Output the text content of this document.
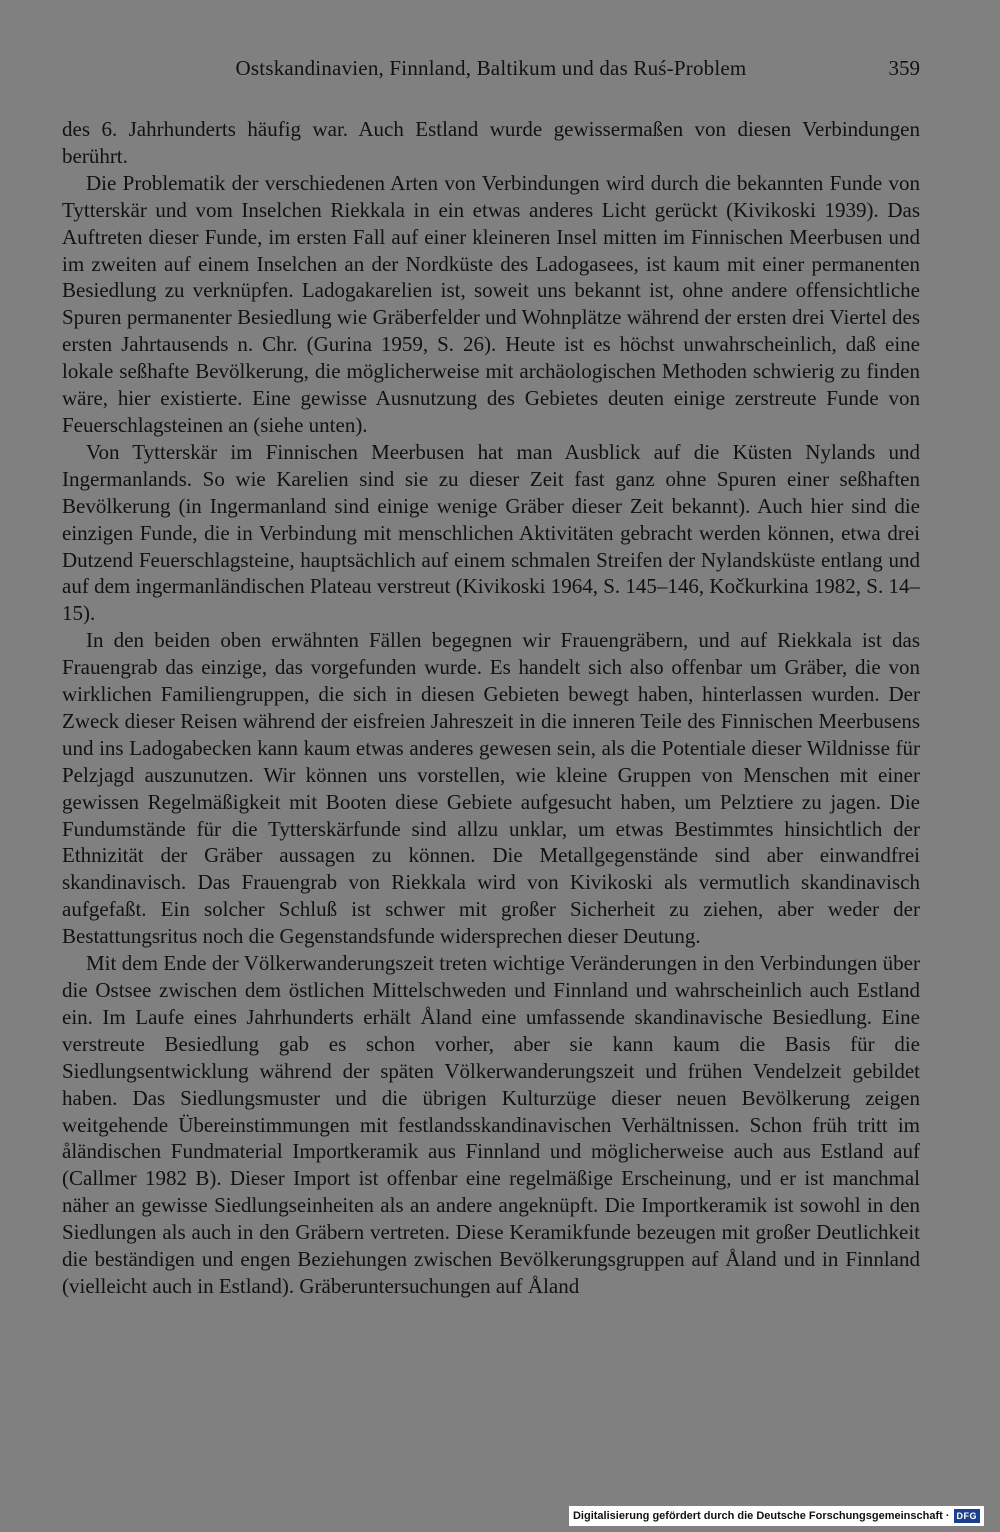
Ostskandinavien, Finnland, Baltikum und das Ruś-Problem	359

des 6. Jahrhunderts häufig war. Auch Estland wurde gewissermaßen von diesen Verbindungen berührt.

Die Problematik der verschiedenen Arten von Verbindungen wird durch die bekannten Funde von Tytterskär und vom Inselchen Riekkala in ein etwas anderes Licht gerückt (Kivikoski 1939). Das Auftreten dieser Funde, im ersten Fall auf einer kleineren Insel mitten im Finnischen Meerbusen und im zweiten auf einem Inselchen an der Nordküste des Ladogasees, ist kaum mit einer permanenten Besiedlung zu verknüpfen. Ladogakarelien ist, soweit uns bekannt ist, ohne andere offensichtliche Spuren permanenter Besiedlung wie Gräberfelder und Wohnplätze während der ersten drei Viertel des ersten Jahrtausends n. Chr. (Gurina 1959, S. 26). Heute ist es höchst unwahrscheinlich, daß eine lokale seßhafte Bevölkerung, die möglicherweise mit archäologischen Methoden schwierig zu finden wäre, hier existierte. Eine gewisse Ausnutzung des Gebietes deuten einige zerstreute Funde von Feuerschlagsteinen an (siehe unten).

Von Tytterskär im Finnischen Meerbusen hat man Ausblick auf die Küsten Nylands und Ingermanlands. So wie Karelien sind sie zu dieser Zeit fast ganz ohne Spuren einer seßhaften Bevölkerung (in Ingermanland sind einige wenige Gräber dieser Zeit bekannt). Auch hier sind die einzigen Funde, die in Verbindung mit menschlichen Aktivitäten gebracht werden können, etwa drei Dutzend Feuerschlagsteine, hauptsächlich auf einem schmalen Streifen der Nylandsküste entlang und auf dem ingermanländischen Plateau verstreut (Kivikoski 1964, S. 145–146, Kočkurkina 1982, S. 14–15).

In den beiden oben erwähnten Fällen begegnen wir Frauengräbern, und auf Riekkala ist das Frauengrab das einzige, das vorgefunden wurde. Es handelt sich also offenbar um Gräber, die von wirklichen Familiengruppen, die sich in diesen Gebieten bewegt haben, hinterlassen wurden. Der Zweck dieser Reisen während der eisfreien Jahreszeit in die inneren Teile des Finnischen Meerbusens und ins Ladogabecken kann kaum etwas anderes gewesen sein, als die Potentiale dieser Wildnisse für Pelzjagd auszunutzen. Wir können uns vorstellen, wie kleine Gruppen von Menschen mit einer gewissen Regelmäßigkeit mit Booten diese Gebiete aufgesucht haben, um Pelztiere zu jagen. Die Fundumstände für die Tytterskärfunde sind allzu unklar, um etwas Bestimmtes hinsichtlich der Ethnizität der Gräber aussagen zu können. Die Metallgegenstände sind aber einwandfrei skandinavisch. Das Frauengrab von Riekkala wird von Kivikoski als vermutlich skandinavisch aufgefaßt. Ein solcher Schluß ist schwer mit großer Sicherheit zu ziehen, aber weder der Bestattungsritus noch die Gegenstandsfunde widersprechen dieser Deutung.

Mit dem Ende der Völkerwanderungszeit treten wichtige Veränderungen in den Verbindungen über die Ostsee zwischen dem östlichen Mittelschweden und Finnland und wahrscheinlich auch Estland ein. Im Laufe eines Jahrhunderts erhält Åland eine umfassende skandinavische Besiedlung. Eine verstreute Besiedlung gab es schon vorher, aber sie kann kaum die Basis für die Siedlungsentwicklung während der späten Völkerwanderungszeit und frühen Vendelzeit gebildet haben. Das Siedlungsmuster und die übrigen Kulturzüge dieser neuen Bevölkerung zeigen weitgehende Übereinstimmungen mit festlandsskandinavischen Verhältnissen. Schon früh tritt im åländischen Fundmaterial Importkeramik aus Finnland und möglicherweise auch aus Estland auf (Callmer 1982 B). Dieser Import ist offenbar eine regelmäßige Erscheinung, und er ist manchmal näher an gewisse Siedlungseinheiten als an andere angeknüpft. Die Importkeramik ist sowohl in den Siedlungen als auch in den Gräbern vertreten. Diese Keramikfunde bezeugen mit großer Deutlichkeit die beständigen und engen Beziehungen zwischen Bevölkerungsgruppen auf Åland und in Finnland (vielleicht auch in Estland). Gräberuntersuchungen auf Åland

Digitalisierung gefördert durch die Deutsche Forschungsgemeinschaft · DFG
